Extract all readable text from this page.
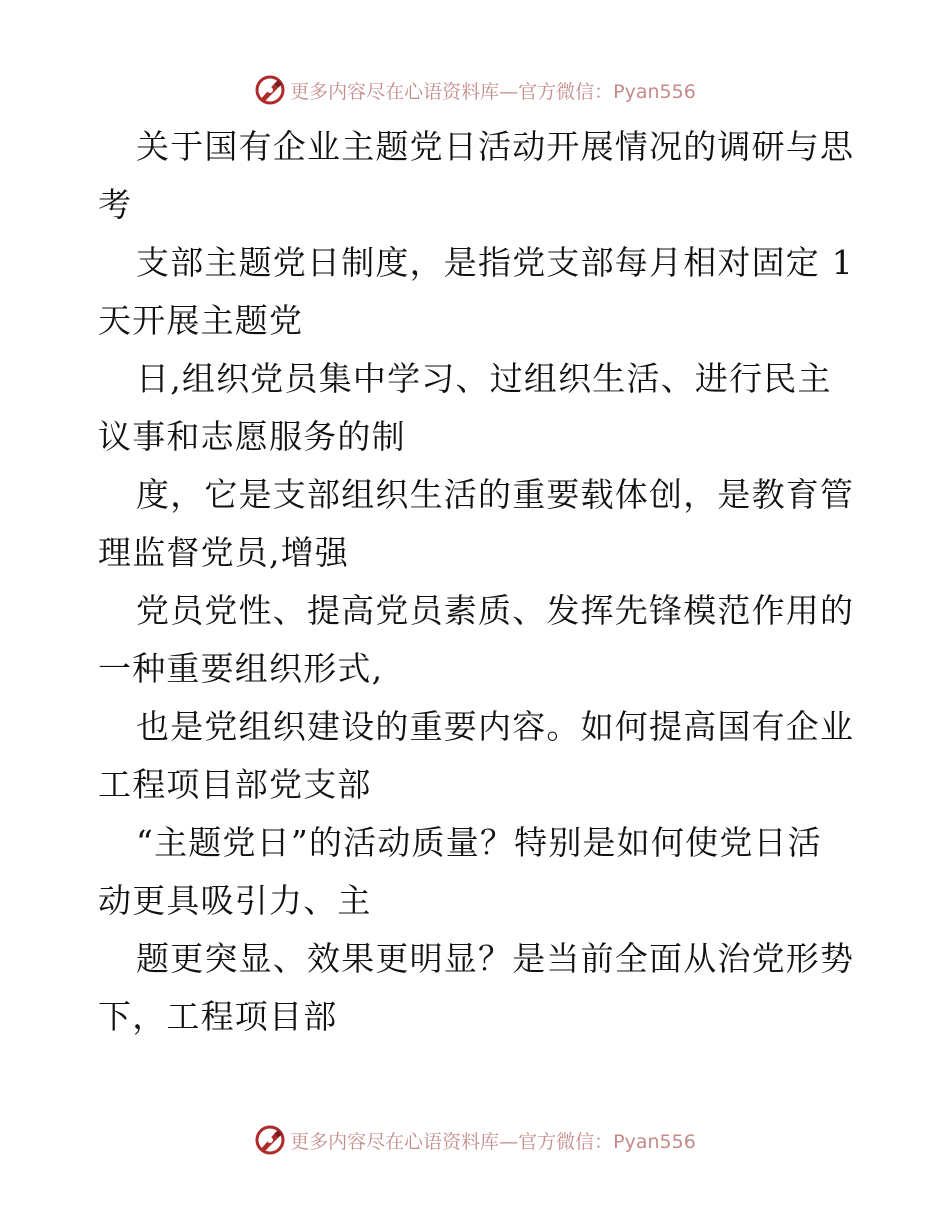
更多内容尽在心语资料库—官方微信：Pyan556
关于国有企业主题党日活动开展情况的调研与思
考
支部主题党日制度，是指党支部每月相对固定 1
天开展主题党
日,组织党员集中学习、过组织生活、进行民主
议事和志愿服务的制
度，它是支部组织生活的重要载体创，是教育管
理监督党员,增强
党员党性、提高党员素质、发挥先锋模范作用的
一种重要组织形式,
也是党组织建设的重要内容。如何提高国有企业
工程项目部党支部
“主题党日”的活动质量？特别是如何使党日活
动更具吸引力、主
题更突显、效果更明显？是当前全面从治党形势
下，工程项目部
更多内容尽在心语资料库—官方微信：Pyan556
